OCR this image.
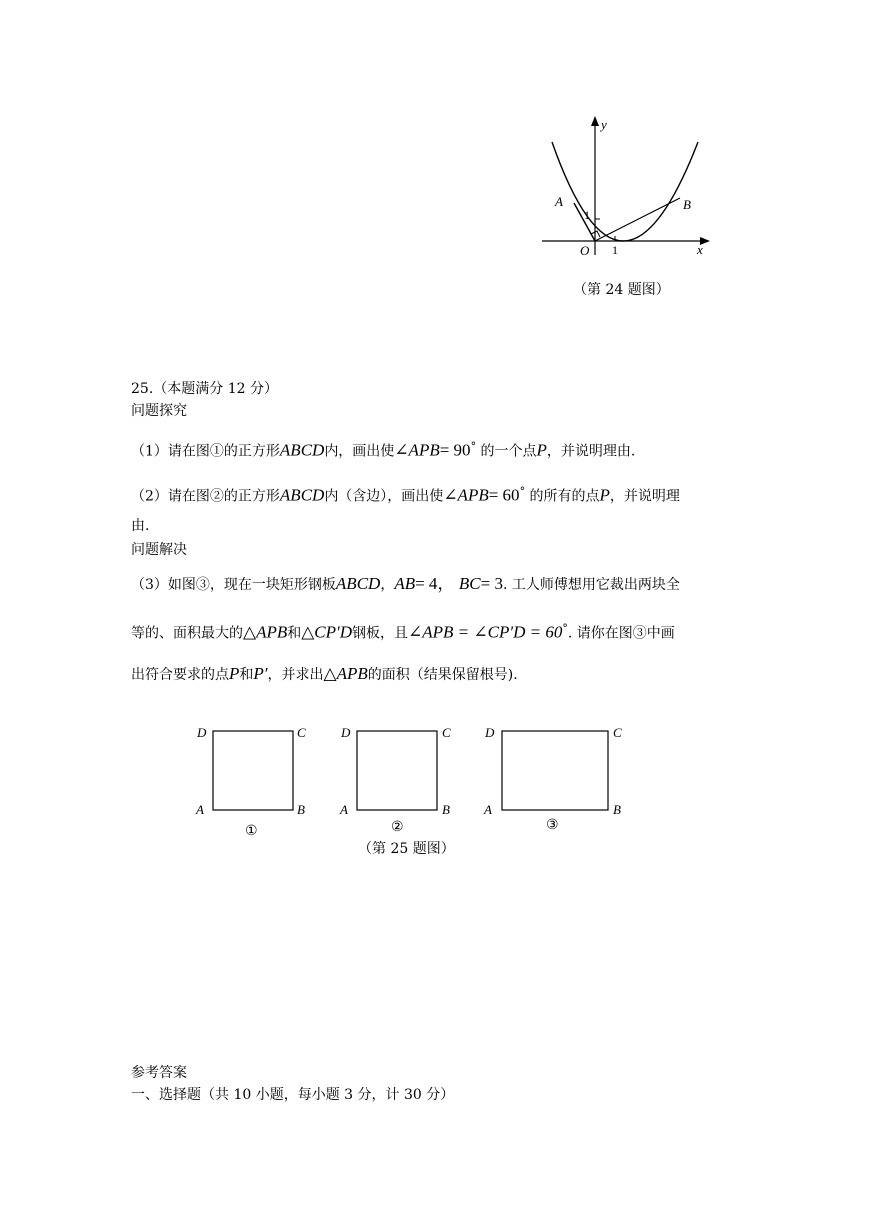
y
x
O
A	B
1
1
（第 24 题图）
25.（本题满分 12 分）
问题探究
（1）请在图①的正方形ABCD内，画出使∠APB= 90° 的一个点P，并说明理由.
（2）请在图②的正方形ABCD内（含边），画出使∠APB= 60° 的所有的点P，并说明理
由.
问题解决
（3）如图③，现在一块矩形钢板ABCD，AB= 4， BC= 3. 工人师傅想用它裁出两块全
等的、面积最大的△APB和△CP′D钢板，且∠APB = ∠CP′D = 60°. 请你在图③中画
出符合要求的点P和P′，并求出△APB的面积（结果保留根号).
D	C
A	B
①
D	C
A	B
②
D	C
A	B
③
（第 25 题图）
参考答案
一、选择题（共 10 小题，每小题 3 分，计 30 分）
